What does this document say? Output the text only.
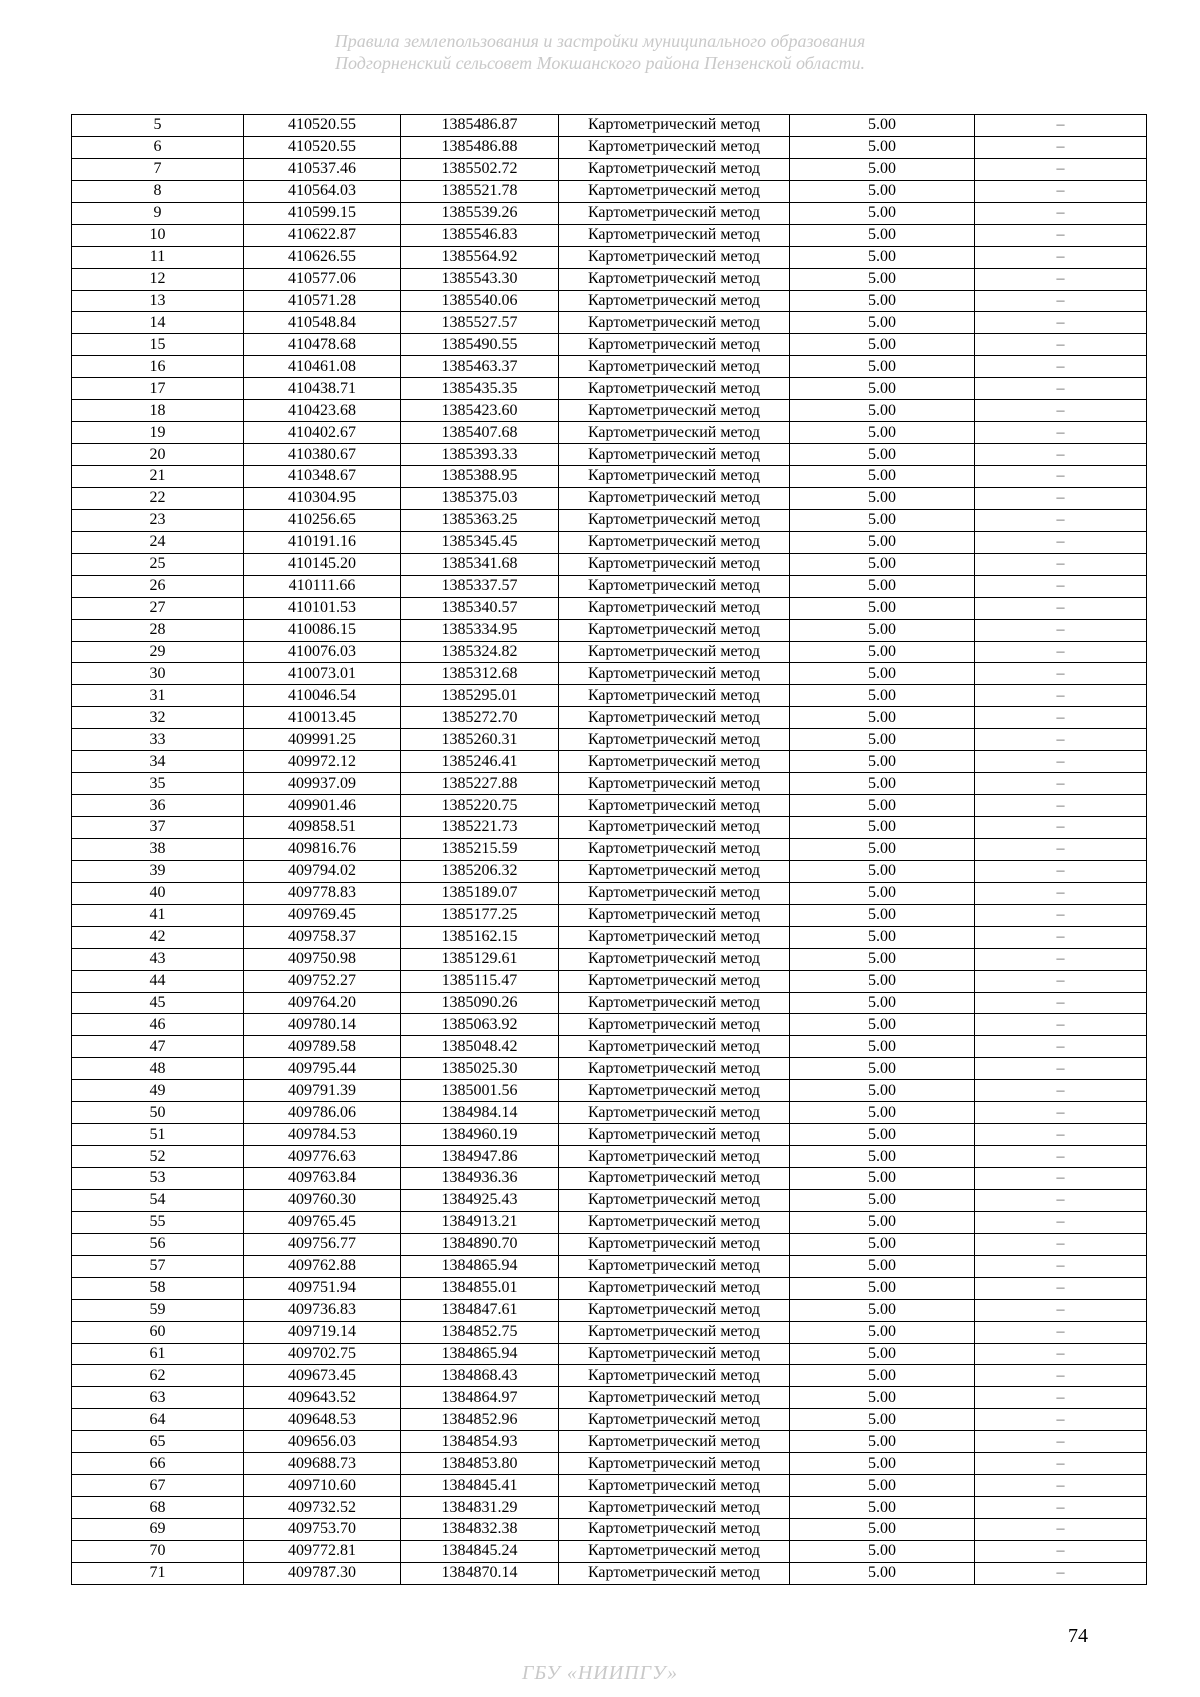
Правила землепользования и застройки муниципального образования
Подгорненский сельсовет Мокшанского района Пензенской области.
5	410520.55	1385486.87	Картометрический метод	5.00	–
6	410520.55	1385486.88	Картометрический метод	5.00	–
7	410537.46	1385502.72	Картометрический метод	5.00	–
8	410564.03	1385521.78	Картометрический метод	5.00	–
9	410599.15	1385539.26	Картометрический метод	5.00	–
10	410622.87	1385546.83	Картометрический метод	5.00	–
11	410626.55	1385564.92	Картометрический метод	5.00	–
12	410577.06	1385543.30	Картометрический метод	5.00	–
13	410571.28	1385540.06	Картометрический метод	5.00	–
14	410548.84	1385527.57	Картометрический метод	5.00	–
15	410478.68	1385490.55	Картометрический метод	5.00	–
16	410461.08	1385463.37	Картометрический метод	5.00	–
17	410438.71	1385435.35	Картометрический метод	5.00	–
18	410423.68	1385423.60	Картометрический метод	5.00	–
19	410402.67	1385407.68	Картометрический метод	5.00	–
20	410380.67	1385393.33	Картометрический метод	5.00	–
21	410348.67	1385388.95	Картометрический метод	5.00	–
22	410304.95	1385375.03	Картометрический метод	5.00	–
23	410256.65	1385363.25	Картометрический метод	5.00	–
24	410191.16	1385345.45	Картометрический метод	5.00	–
25	410145.20	1385341.68	Картометрический метод	5.00	–
26	410111.66	1385337.57	Картометрический метод	5.00	–
27	410101.53	1385340.57	Картометрический метод	5.00	–
28	410086.15	1385334.95	Картометрический метод	5.00	–
29	410076.03	1385324.82	Картометрический метод	5.00	–
30	410073.01	1385312.68	Картометрический метод	5.00	–
31	410046.54	1385295.01	Картометрический метод	5.00	–
32	410013.45	1385272.70	Картометрический метод	5.00	–
33	409991.25	1385260.31	Картометрический метод	5.00	–
34	409972.12	1385246.41	Картометрический метод	5.00	–
35	409937.09	1385227.88	Картометрический метод	5.00	–
36	409901.46	1385220.75	Картометрический метод	5.00	–
37	409858.51	1385221.73	Картометрический метод	5.00	–
38	409816.76	1385215.59	Картометрический метод	5.00	–
39	409794.02	1385206.32	Картометрический метод	5.00	–
40	409778.83	1385189.07	Картометрический метод	5.00	–
41	409769.45	1385177.25	Картометрический метод	5.00	–
42	409758.37	1385162.15	Картометрический метод	5.00	–
43	409750.98	1385129.61	Картометрический метод	5.00	–
44	409752.27	1385115.47	Картометрический метод	5.00	–
45	409764.20	1385090.26	Картометрический метод	5.00	–
46	409780.14	1385063.92	Картометрический метод	5.00	–
47	409789.58	1385048.42	Картометрический метод	5.00	–
48	409795.44	1385025.30	Картометрический метод	5.00	–
49	409791.39	1385001.56	Картометрический метод	5.00	–
50	409786.06	1384984.14	Картометрический метод	5.00	–
51	409784.53	1384960.19	Картометрический метод	5.00	–
52	409776.63	1384947.86	Картометрический метод	5.00	–
53	409763.84	1384936.36	Картометрический метод	5.00	–
54	409760.30	1384925.43	Картометрический метод	5.00	–
55	409765.45	1384913.21	Картометрический метод	5.00	–
56	409756.77	1384890.70	Картометрический метод	5.00	–
57	409762.88	1384865.94	Картометрический метод	5.00	–
58	409751.94	1384855.01	Картометрический метод	5.00	–
59	409736.83	1384847.61	Картометрический метод	5.00	–
60	409719.14	1384852.75	Картометрический метод	5.00	–
61	409702.75	1384865.94	Картометрический метод	5.00	–
62	409673.45	1384868.43	Картометрический метод	5.00	–
63	409643.52	1384864.97	Картометрический метод	5.00	–
64	409648.53	1384852.96	Картометрический метод	5.00	–
65	409656.03	1384854.93	Картометрический метод	5.00	–
66	409688.73	1384853.80	Картометрический метод	5.00	–
67	409710.60	1384845.41	Картометрический метод	5.00	–
68	409732.52	1384831.29	Картометрический метод	5.00	–
69	409753.70	1384832.38	Картометрический метод	5.00	–
70	409772.81	1384845.24	Картометрический метод	5.00	–
71	409787.30	1384870.14	Картометрический метод	5.00	–
74
ГБУ «НИИПГУ»
